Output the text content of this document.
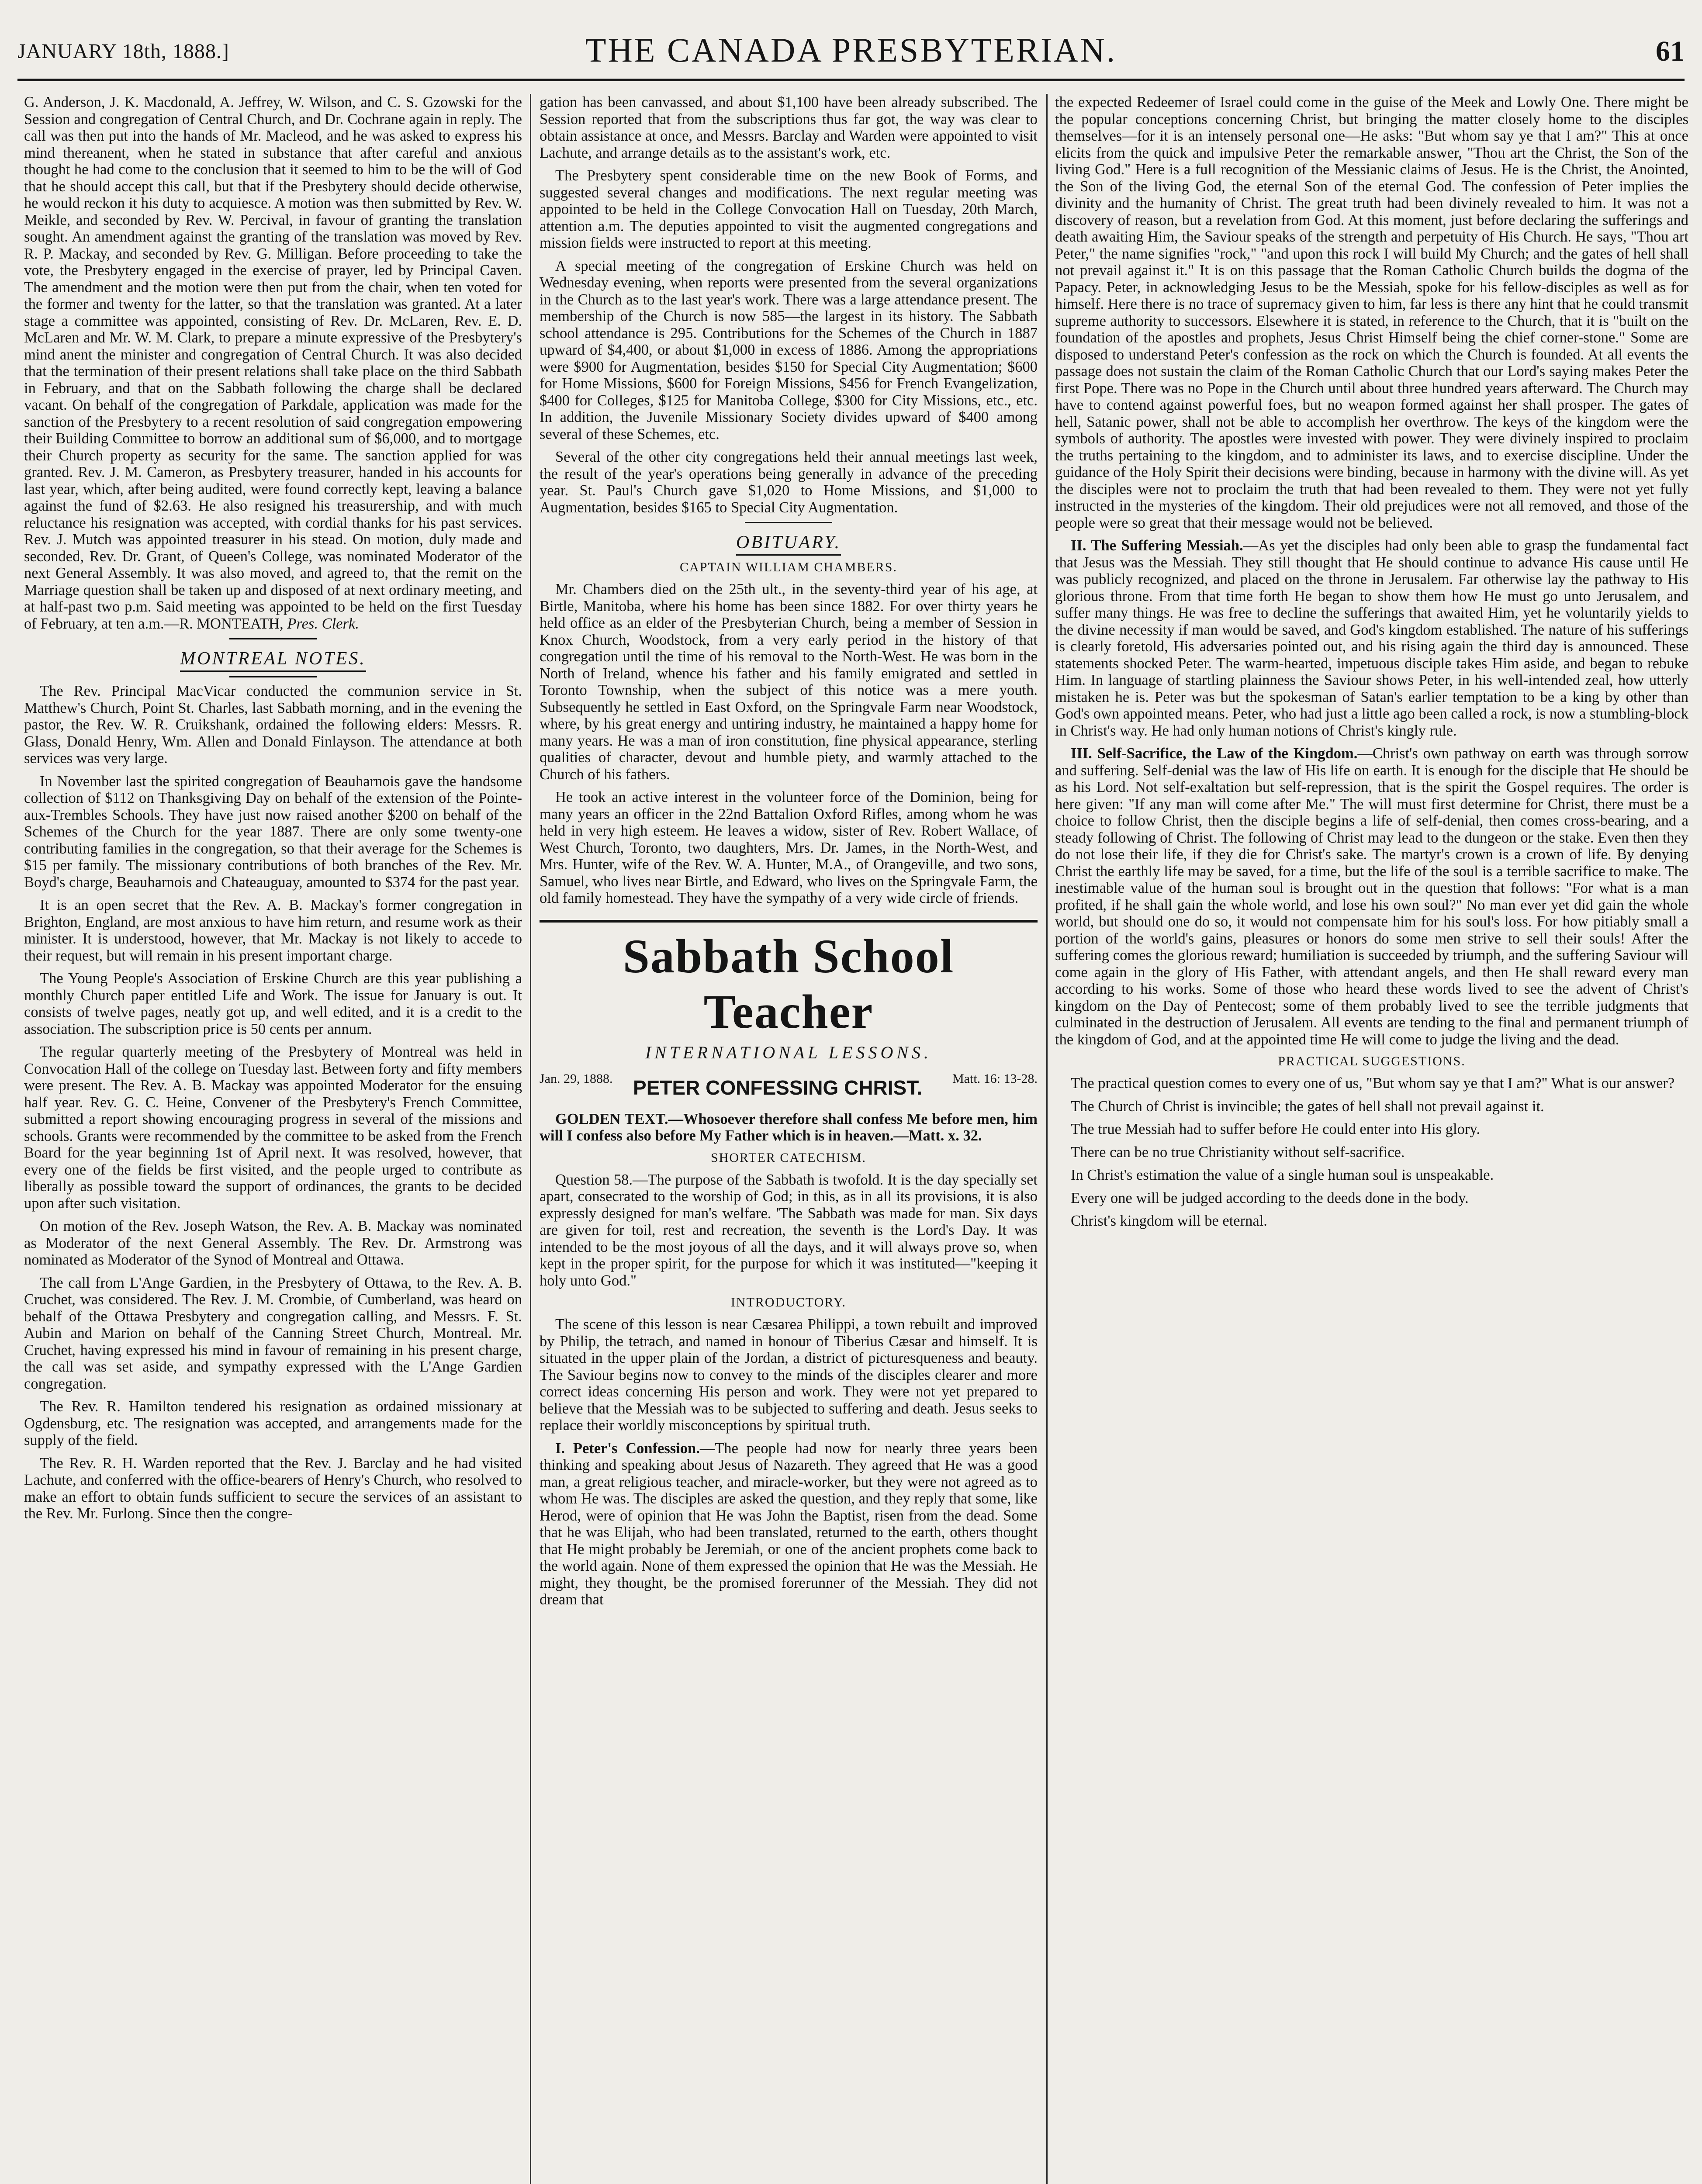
JANUARY 18th, 1888.]	THE CANADA PRESBYTERIAN.	61

G. Anderson, J. K. Macdonald, A. Jeffrey, W. Wilson, and C. S. Gzowski for the Session and congregation of Central Church, and Dr. Cochrane again in reply. The call was then put into the hands of Mr. Macleod, and he was asked to express his mind thereanent, when he stated in substance that after careful and anxious thought he had come to the conclusion that it seemed to him to be the will of God that he should accept this call, but that if the Presbytery should decide otherwise, he would reckon it his duty to acquiesce. A motion was then submitted by Rev. W. Meikle, and seconded by Rev. W. Percival, in favour of granting the translation sought. An amendment against the granting of the translation was moved by Rev. R. P. Mackay, and seconded by Rev. G. Milligan. Before proceeding to take the vote, the Presbytery engaged in the exercise of prayer, led by Principal Caven. The amendment and the motion were then put from the chair, when ten voted for the former and twenty for the latter, so that the translation was granted. At a later stage a committee was appointed, consisting of Rev. Dr. McLaren, Rev. E. D. McLaren and Mr. W. M. Clark, to prepare a minute expressive of the Presbytery's mind anent the minister and congregation of Central Church. It was also decided that the termination of their present relations shall take place on the third Sabbath in February, and that on the Sabbath following the charge shall be declared vacant. On behalf of the congregation of Parkdale, application was made for the sanction of the Presbytery to a recent resolution of said congregation empowering their Building Committee to borrow an additional sum of $6,000, and to mortgage their Church property as security for the same. The sanction applied for was granted. Rev. J. M. Cameron, as Presbytery treasurer, handed in his accounts for last year, which, after being audited, were found correctly kept, leaving a balance against the fund of $2.63. He also resigned his treasurership, and with much reluctance his resignation was accepted, with cordial thanks for his past services. Rev. J. Mutch was appointed treasurer in his stead. On motion, duly made and seconded, Rev. Dr. Grant, of Queen's College, was nominated Moderator of the next General Assembly. It was also moved, and agreed to, that the remit on the Marriage question shall be taken up and disposed of at next ordinary meeting, and at half-past two p.m. Said meeting was appointed to be held on the first Tuesday of February, at ten a.m.—R. MONTEATH, Pres. Clerk.

MONTREAL NOTES.

The Rev. Principal MacVicar conducted the communion service in St. Matthew's Church, Point St. Charles, last Sabbath morning, and in the evening the pastor, the Rev. W. R. Cruikshank, ordained the following elders: Messrs. R. Glass, Donald Henry, Wm. Allen and Donald Finlayson. The attendance at both services was very large.

In November last the spirited congregation of Beauharnois gave the handsome collection of $112 on Thanksgiving Day on behalf of the extension of the Pointe-aux-Trembles Schools. They have just now raised another $200 on behalf of the Schemes of the Church for the year 1887. There are only some twenty-one contributing families in the congregation, so that their average for the Schemes is $15 per family. The missionary contributions of both branches of the Rev. Mr. Boyd's charge, Beauharnois and Chateauguay, amounted to $374 for the past year.

It is an open secret that the Rev. A. B. Mackay's former congregation in Brighton, England, are most anxious to have him return, and resume work as their minister. It is understood, however, that Mr. Mackay is not likely to accede to their request, but will remain in his present important charge.

The Young People's Association of Erskine Church are this year publishing a monthly Church paper entitled Life and Work. The issue for January is out. It consists of twelve pages, neatly got up, and well edited, and it is a credit to the association. The subscription price is 50 cents per annum.

The regular quarterly meeting of the Presbytery of Montreal was held in Convocation Hall of the college on Tuesday last. Between forty and fifty members were present. The Rev. A. B. Mackay was appointed Moderator for the ensuing half year. Rev. G. C. Heine, Convener of the Presbytery's French Committee, submitted a report showing encouraging progress in several of the missions and schools. Grants were recommended by the committee to be asked from the French Board for the year beginning 1st of April next. It was resolved, however, that every one of the fields be first visited, and the people urged to contribute as liberally as possible toward the support of ordinances, the grants to be decided upon after such visitation.

On motion of the Rev. Joseph Watson, the Rev. A. B. Mackay was nominated as Moderator of the next General Assembly. The Rev. Dr. Armstrong was nominated as Moderator of the Synod of Montreal and Ottawa.

The call from L'Ange Gardien, in the Presbytery of Ottawa, to the Rev. A. B. Cruchet, was considered. The Rev. J. M. Crombie, of Cumberland, was heard on behalf of the Ottawa Presbytery and congregation calling, and Messrs. F. St. Aubin and Marion on behalf of the Canning Street Church, Montreal. Mr. Cruchet, having expressed his mind in favour of remaining in his present charge, the call was set aside, and sympathy expressed with the L'Ange Gardien congregation.

The Rev. R. Hamilton tendered his resignation as ordained missionary at Ogdensburg, etc. The resignation was accepted, and arrangements made for the supply of the field.

The Rev. R. H. Warden reported that the Rev. J. Barclay and he had visited Lachute, and conferred with the office-bearers of Henry's Church, who resolved to make an effort to obtain funds sufficient to secure the services of an assistant to the Rev. Mr. Furlong. Since then the congre-

gation has been canvassed, and about $1,100 have been already subscribed. The Session reported that from the subscriptions thus far got, the way was clear to obtain assistance at once, and Messrs. Barclay and Warden were appointed to visit Lachute, and arrange details as to the assistant's work, etc.

The Presbytery spent considerable time on the new Book of Forms, and suggested several changes and modifications. The next regular meeting was appointed to be held in the College Convocation Hall on Tuesday, 20th March, attention a.m. The deputies appointed to visit the augmented congregations and mission fields were instructed to report at this meeting.

A special meeting of the congregation of Erskine Church was held on Wednesday evening, when reports were presented from the several organizations in the Church as to the last year's work. There was a large attendance present. The membership of the Church is now 585—the largest in its history. The Sabbath school attendance is 295. Contributions for the Schemes of the Church in 1887 upward of $4,400, or about $1,000 in excess of 1886. Among the appropriations were $900 for Augmentation, besides $150 for Special City Augmentation; $600 for Home Missions, $600 for Foreign Missions, $456 for French Evangelization, $400 for Colleges, $125 for Manitoba College, $300 for City Missions, etc., etc. In addition, the Juvenile Missionary Society divides upward of $400 among several of these Schemes, etc.

Several of the other city congregations held their annual meetings last week, the result of the year's operations being generally in advance of the preceding year. St. Paul's Church gave $1,020 to Home Missions, and $1,000 to Augmentation, besides $165 to Special City Augmentation.

OBITUARY.
CAPTAIN WILLIAM CHAMBERS.

Mr. Chambers died on the 25th ult., in the seventy-third year of his age, at Birtle, Manitoba, where his home has been since 1882. For over thirty years he held office as an elder of the Presbyterian Church, being a member of Session in Knox Church, Woodstock, from a very early period in the history of that congregation until the time of his removal to the North-West. He was born in the North of Ireland, whence his father and his family emigrated and settled in Toronto Township, when the subject of this notice was a mere youth. Subsequently he settled in East Oxford, on the Springvale Farm near Woodstock, where, by his great energy and untiring industry, he maintained a happy home for many years. He was a man of iron constitution, fine physical appearance, sterling qualities of character, devout and humble piety, and warmly attached to the Church of his fathers.

He took an active interest in the volunteer force of the Dominion, being for many years an officer in the 22nd Battalion Oxford Rifles, among whom he was held in very high esteem. He leaves a widow, sister of Rev. Robert Wallace, of West Church, Toronto, two daughters, Mrs. Dr. James, in the North-West, and Mrs. Hunter, wife of the Rev. W. A. Hunter, M.A., of Orangeville, and two sons, Samuel, who lives near Birtle, and Edward, who lives on the Springvale Farm, the old family homestead. They have the sympathy of a very wide circle of friends.

Sabbath School Teacher
INTERNATIONAL LESSONS.
Jan. 29, 1888.	PETER CONFESSING CHRIST.	Matt. 16: 13-28.

GOLDEN TEXT.—Whosoever therefore shall confess Me before men, him will I confess also before My Father which is in heaven.—Matt. x. 32.

SHORTER CATECHISM.

Question 58.—The purpose of the Sabbath is twofold. It is the day specially set apart, consecrated to the worship of God; in this, as in all its provisions, it is also expressly designed for man's welfare. 'The Sabbath was made for man. Six days are given for toil, rest and recreation, the seventh is the Lord's Day. It was intended to be the most joyous of all the days, and it will always prove so, when kept in the proper spirit, for the purpose for which it was instituted—"keeping it holy unto God."

INTRODUCTORY.

The scene of this lesson is near Cæsarea Philippi, a town rebuilt and improved by Philip, the tetrach, and named in honour of Tiberius Cæsar and himself. It is situated in the upper plain of the Jordan, a district of picturesqueness and beauty. The Saviour begins now to convey to the minds of the disciples clearer and more correct ideas concerning His person and work. They were not yet prepared to believe that the Messiah was to be subjected to suffering and death. Jesus seeks to replace their worldly misconceptions by spiritual truth.

I. Peter's Confession.—The people had now for nearly three years been thinking and speaking about Jesus of Nazareth. They agreed that He was a good man, a great religious teacher, and miracle-worker, but they were not agreed as to whom He was. The disciples are asked the question, and they reply that some, like Herod, were of opinion that He was John the Baptist, risen from the dead. Some that he was Elijah, who had been translated, returned to the earth, others thought that He might probably be Jeremiah, or one of the ancient prophets come back to the world again. None of them expressed the opinion that He was the Messiah. He might, they thought, be the promised forerunner of the Messiah. They did not dream that

the expected Redeemer of Israel could come in the guise of the Meek and Lowly One. There might be the popular conceptions concerning Christ, but bringing the matter closely home to the disciples themselves—for it is an intensely personal one—He asks: "But whom say ye that I am?" This at once elicits from the quick and impulsive Peter the remarkable answer, "Thou art the Christ, the Son of the living God." Here is a full recognition of the Messianic claims of Jesus. He is the Christ, the Anointed, the Son of the living God, the eternal Son of the eternal God. The confession of Peter implies the divinity and the humanity of Christ. The great truth had been divinely revealed to him. It was not a discovery of reason, but a revelation from God. At this moment, just before declaring the sufferings and death awaiting Him, the Saviour speaks of the strength and perpetuity of His Church. He says, "Thou art Peter," the name signifies "rock," "and upon this rock I will build My Church; and the gates of hell shall not prevail against it." It is on this passage that the Roman Catholic Church builds the dogma of the Papacy. Peter, in acknowledging Jesus to be the Messiah, spoke for his fellow-disciples as well as for himself. Here there is no trace of supremacy given to him, far less is there any hint that he could transmit supreme authority to successors. Elsewhere it is stated, in reference to the Church, that it is "built on the foundation of the apostles and prophets, Jesus Christ Himself being the chief corner-stone." Some are disposed to understand Peter's confession as the rock on which the Church is founded. At all events the passage does not sustain the claim of the Roman Catholic Church that our Lord's saying makes Peter the first Pope. There was no Pope in the Church until about three hundred years afterward. The Church may have to contend against powerful foes, but no weapon formed against her shall prosper. The gates of hell, Satanic power, shall not be able to accomplish her overthrow. The keys of the kingdom were the symbols of authority. The apostles were invested with power. They were divinely inspired to proclaim the truths pertaining to the kingdom, and to administer its laws, and to exercise discipline. Under the guidance of the Holy Spirit their decisions were binding, because in harmony with the divine will. As yet the disciples were not to proclaim the truth that had been revealed to them. They were not yet fully instructed in the mysteries of the kingdom. Their old prejudices were not all removed, and those of the people were so great that their message would not be believed.

II. The Suffering Messiah.—As yet the disciples had only been able to grasp the fundamental fact that Jesus was the Messiah. They still thought that He should continue to advance His cause until He was publicly recognized, and placed on the throne in Jerusalem. Far otherwise lay the pathway to His glorious throne. From that time forth He began to show them how He must go unto Jerusalem, and suffer many things. He was free to decline the sufferings that awaited Him, yet he voluntarily yields to the divine necessity if man would be saved, and God's kingdom established. The nature of his sufferings is clearly foretold, His adversaries pointed out, and his rising again the third day is announced. These statements shocked Peter. The warm-hearted, impetuous disciple takes Him aside, and began to rebuke Him. In language of startling plainness the Saviour shows Peter, in his well-intended zeal, how utterly mistaken he is. Peter was but the spokesman of Satan's earlier temptation to be a king by other than God's own appointed means. Peter, who had just a little ago been called a rock, is now a stumbling-block in Christ's way. He had only human notions of Christ's kingly rule.

III. Self-Sacrifice, the Law of the Kingdom.—Christ's own pathway on earth was through sorrow and suffering. Self-denial was the law of His life on earth. It is enough for the disciple that He should be as his Lord. Not self-exaltation but self-repression, that is the spirit the Gospel requires. The order is here given: "If any man will come after Me." The will must first determine for Christ, there must be a choice to follow Christ, then the disciple begins a life of self-denial, then comes cross-bearing, and a steady following of Christ. The following of Christ may lead to the dungeon or the stake. Even then they do not lose their life, if they die for Christ's sake. The martyr's crown is a crown of life. By denying Christ the earthly life may be saved, for a time, but the life of the soul is a terrible sacrifice to make. The inestimable value of the human soul is brought out in the question that follows: "For what is a man profited, if he shall gain the whole world, and lose his own soul?" No man ever yet did gain the whole world, but should one do so, it would not compensate him for his soul's loss. For how pitiably small a portion of the world's gains, pleasures or honors do some men strive to sell their souls! After the suffering comes the glorious reward; humiliation is succeeded by triumph, and the suffering Saviour will come again in the glory of His Father, with attendant angels, and then He shall reward every man according to his works. Some of those who heard these words lived to see the advent of Christ's kingdom on the Day of Pentecost; some of them probably lived to see the terrible judgments that culminated in the destruction of Jerusalem. All events are tending to the final and permanent triumph of the kingdom of God, and at the appointed time He will come to judge the living and the dead.

PRACTICAL SUGGESTIONS.

The practical question comes to every one of us, "But whom say ye that I am?" What is our answer?

The Church of Christ is invincible; the gates of hell shall not prevail against it.

The true Messiah had to suffer before He could enter into His glory.

There can be no true Christianity without self-sacrifice.

In Christ's estimation the value of a single human soul is unspeakable.

Every one will be judged according to the deeds done in the body.

Christ's kingdom will be eternal.
